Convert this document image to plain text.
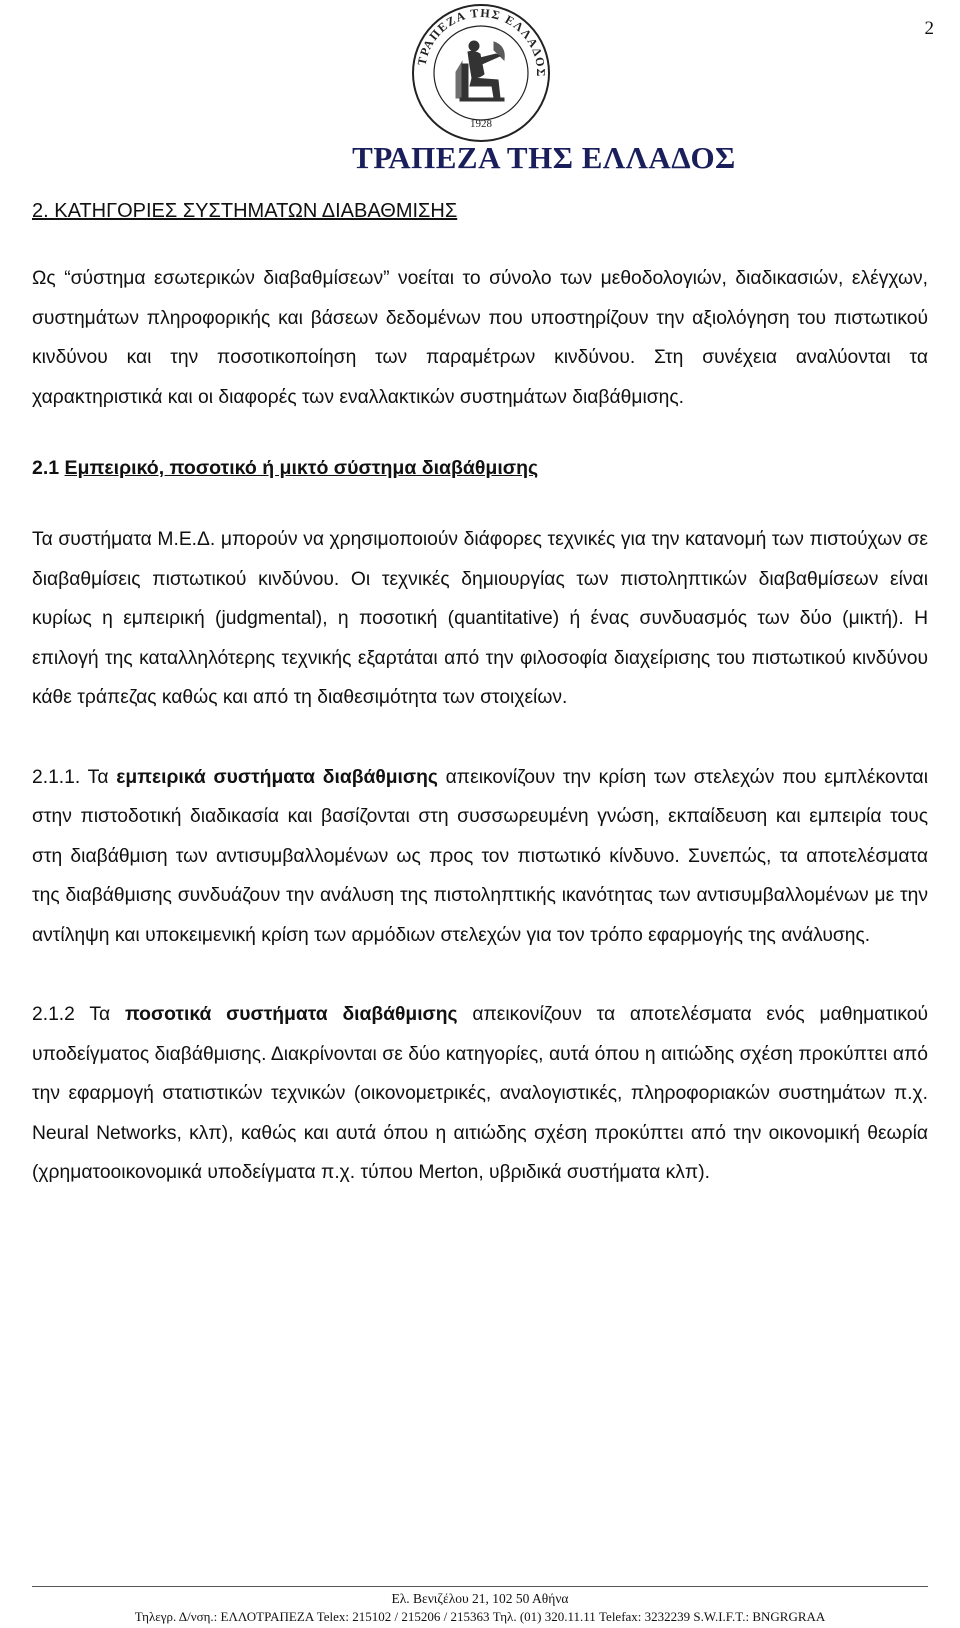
2
ΤΡΑΠΕΖΑ ΤΗΣ ΕΛΛΑΔΟΣ
1928
ΤΡΑΠΕΖΑ ΤΗΣ ΕΛΛΑΔΟΣ
2. ΚΑΤΗΓΟΡΙΕΣ ΣΥΣΤΗΜΑΤΩΝ ΔΙΑΒΑΘΜΙΣΗΣ

Ως “σύστημα εσωτερικών διαβαθμίσεων” νοείται το σύνολο των μεθοδολογιών, διαδικασιών, ελέγχων, συστημάτων πληροφορικής και βάσεων δεδομένων που υποστηρίζουν την αξιολόγηση του πιστωτικού κινδύνου και την ποσοτικοποίηση των παραμέτρων κινδύνου. Στη συνέχεια αναλύονται τα χαρακτηριστικά και οι διαφορές των εναλλακτικών συστημάτων διαβάθμισης.

2.1 Εμπειρικό, ποσοτικό ή μικτό σύστημα διαβάθμισης

Τα συστήματα Μ.Ε.Δ. μπορούν να χρησιμοποιούν διάφορες τεχνικές για την κατανομή των πιστούχων σε διαβαθμίσεις πιστωτικού κινδύνου. Οι τεχνικές δημιουργίας των πιστοληπτικών διαβαθμίσεων είναι κυρίως η εμπειρική (judgmental), η ποσοτική (quantitative) ή ένας συνδυασμός των δύο (μικτή). Η επιλογή της καταλληλότερης τεχνικής εξαρτάται από την φιλοσοφία διαχείρισης του πιστωτικού κινδύνου κάθε τράπεζας καθώς και από τη διαθεσιμότητα των στοιχείων.

2.1.1. Τα εμπειρικά συστήματα διαβάθμισης απεικονίζουν την κρίση των στελεχών που εμπλέκονται στην πιστοδοτική διαδικασία και βασίζονται στη συσσωρευμένη γνώση, εκπαίδευση και εμπειρία τους στη διαβάθμιση των αντισυμβαλλομένων ως προς τον πιστωτικό κίνδυνο. Συνεπώς, τα αποτελέσματα της διαβάθμισης συνδυάζουν την ανάλυση της πιστοληπτικής ικανότητας των αντισυμβαλλομένων με την αντίληψη και υποκειμενική κρίση των αρμόδιων στελεχών για τον τρόπο εφαρμογής της ανάλυσης.

2.1.2 Τα ποσοτικά συστήματα διαβάθμισης απεικονίζουν τα αποτελέσματα ενός μαθηματικού υποδείγματος διαβάθμισης. Διακρίνονται σε δύο κατηγορίες, αυτά όπου η αιτιώδης σχέση προκύπτει από την εφαρμογή στατιστικών τεχνικών (οικονομετρικές, αναλογιστικές, πληροφοριακών συστημάτων π.χ. Neural Networks, κλπ), καθώς και αυτά όπου η αιτιώδης σχέση προκύπτει από την οικονομική θεωρία (χρηματοοικονομικά υποδείγματα π.χ. τύπου Merton, υβριδικά συστήματα κλπ).

Ελ. Βενιζέλου 21, 102 50 Αθήνα
Τηλεγρ. Δ/νση.: ΕΛΛΟΤΡΑΠΕΖΑ Telex: 215102 / 215206 / 215363 Τηλ. (01) 320.11.11 Telefax: 3232239 S.W.I.F.T.: BNGRGRAA
